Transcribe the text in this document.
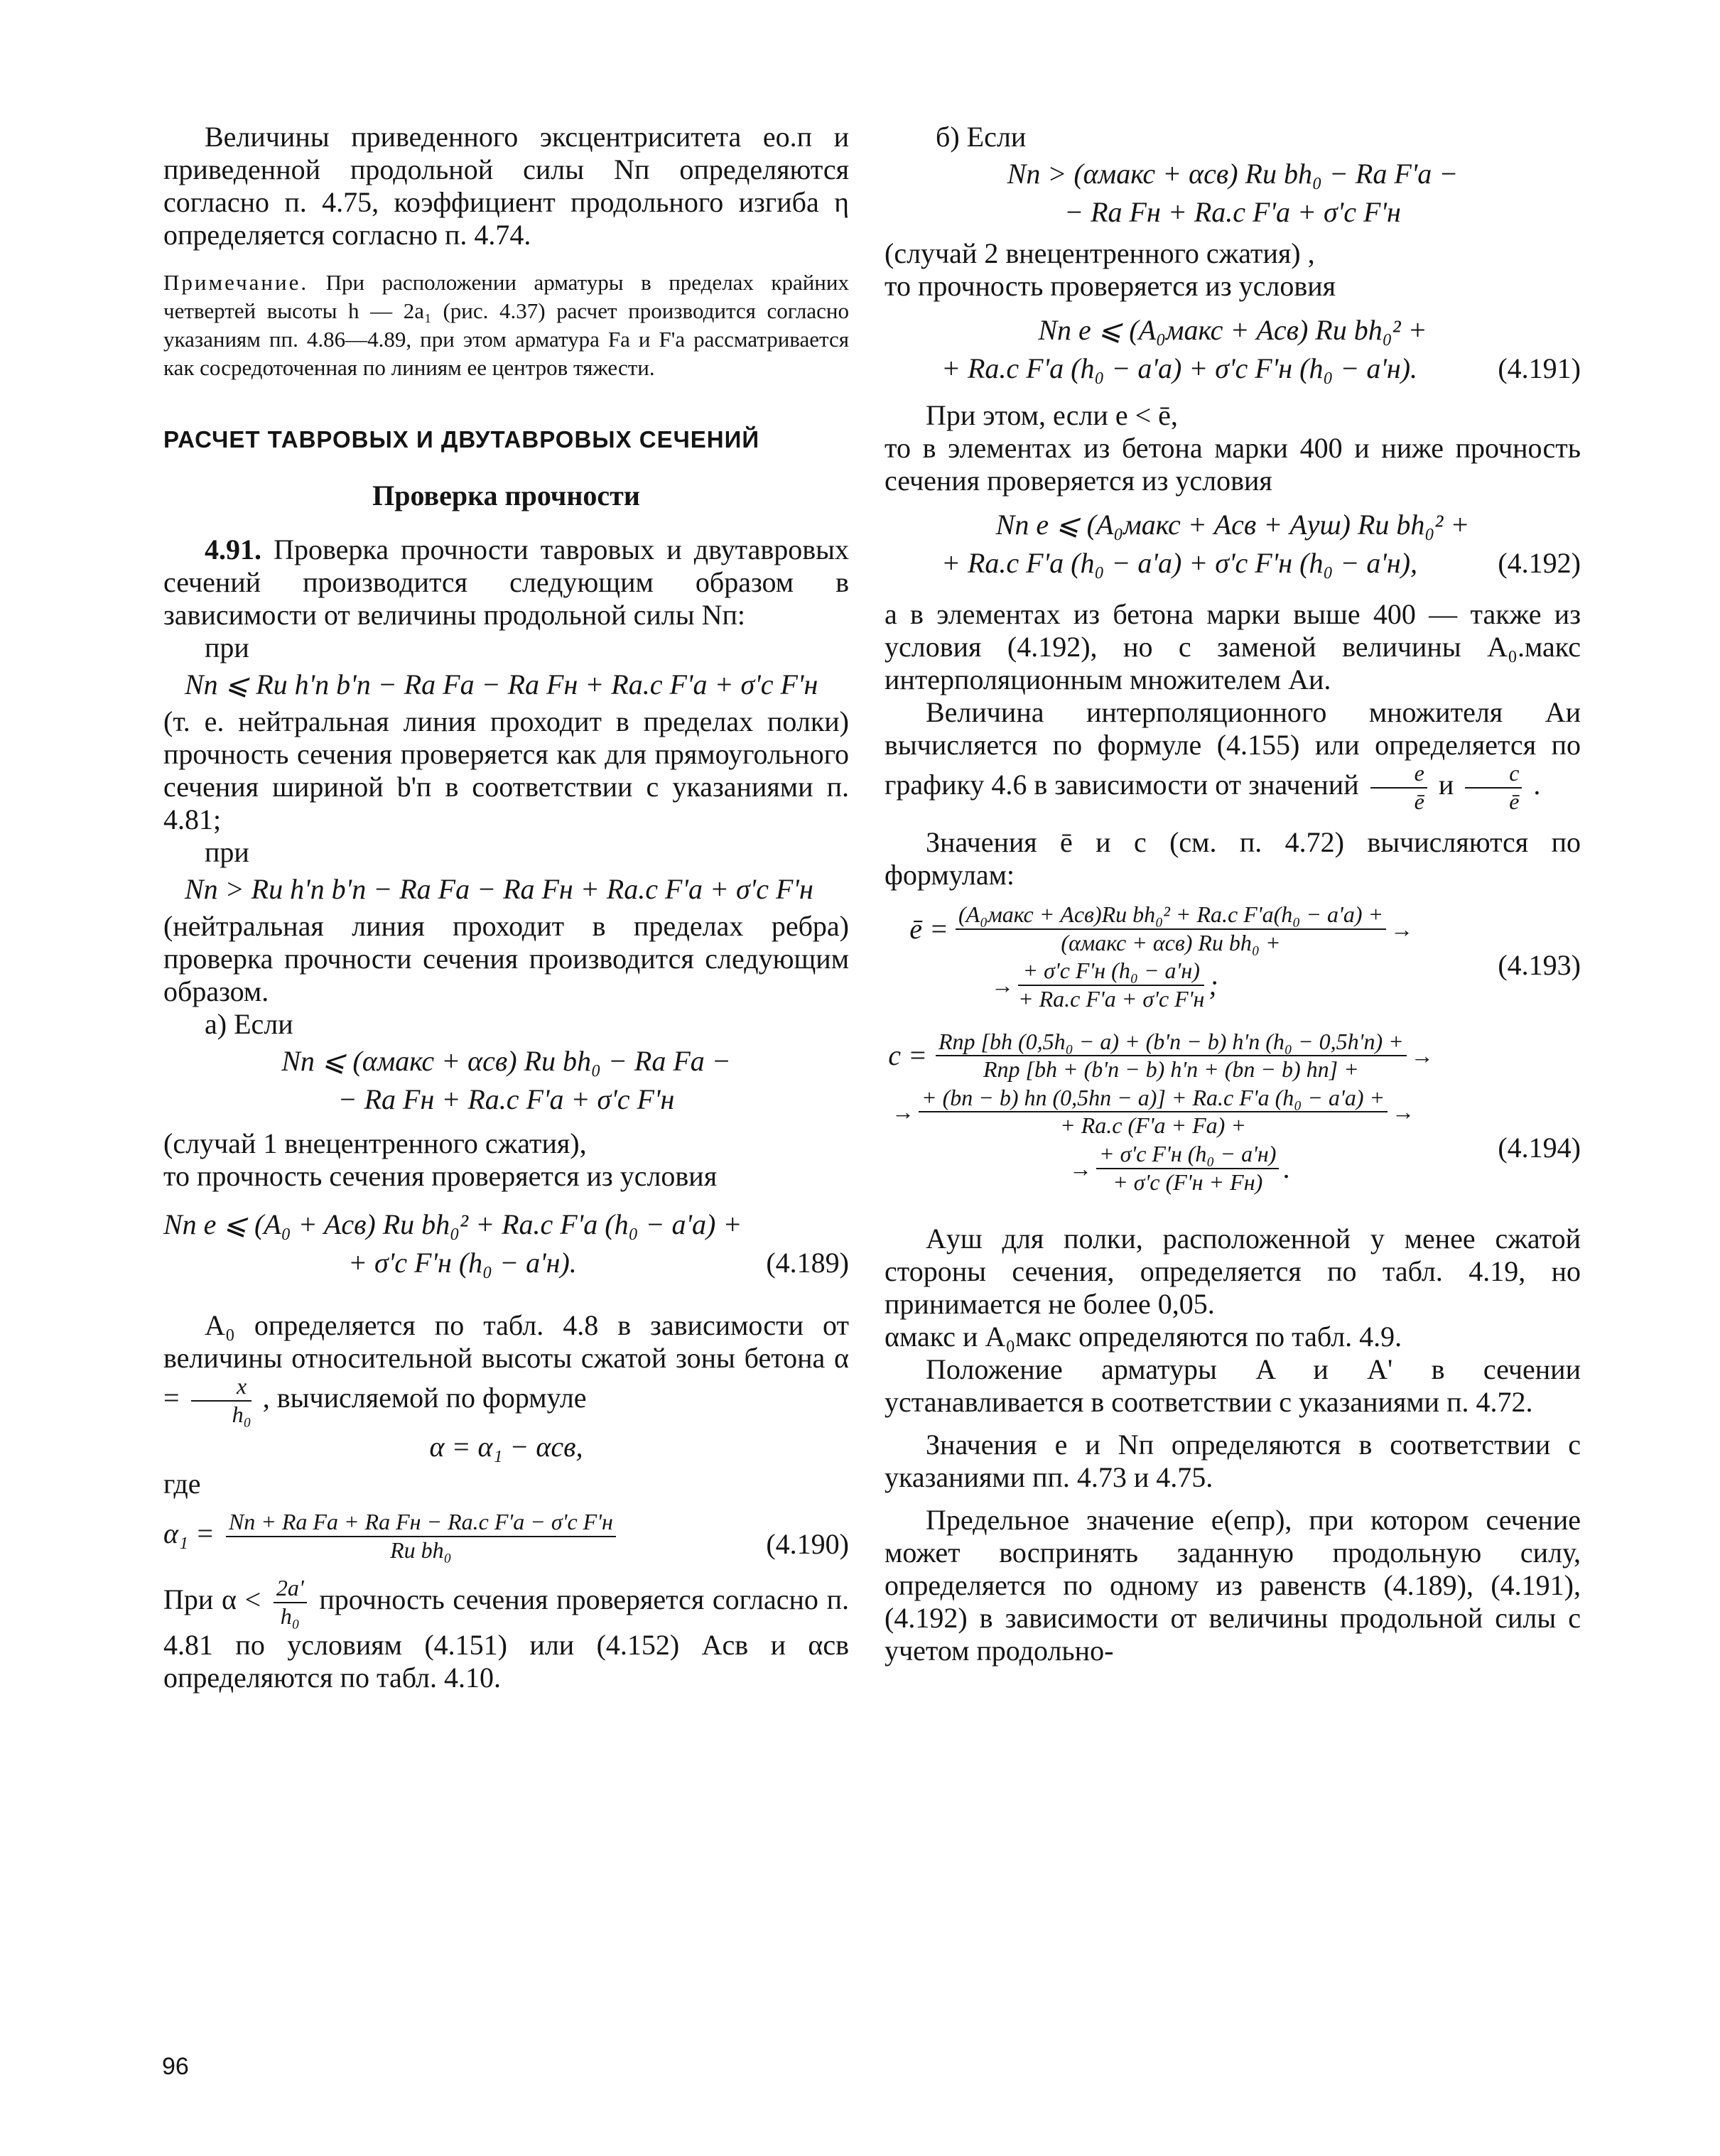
Величины приведенного эксцентриситета eо.п и приведенной продольной силы Nп определяются согласно п. 4.75, коэффициент продольного изгиба η определяется согласно п. 4.74.

Примечание. При расположении арматуры в пределах крайних четвертей высоты h — 2a₁ (рис. 4.37) расчет производится согласно указаниям пп. 4.86—4.89, при этом арматура Fa и F'a рассматривается как сосредоточенная по линиям ее центров тяжести.

РАСЧЕТ ТАВРОВЫХ И ДВУТАВРОВЫХ СЕЧЕНИЙ
Проверка прочности

4.91. Проверка прочности тавровых и двутавровых сечений производится следующим образом в зависимости от величины продольной силы Nп:

при

Nп ⩽ Rи h'п b'п − Rа Fа − Rа Fн + Rа.с F'а + σ'с F'н

(т. е. нейтральная линия проходит в пределах полки) прочность сечения проверяется как для прямоугольного сечения шириной b'п в соответствии с указаниями п. 4.81;

при

Nп > Rи h'п b'п − Rа Fа − Rа Fн + Rа.с F'а + σ'с F'н

(нейтральная линия проходит в пределах ребра) проверка прочности сечения производится следующим образом.

а) Если

Nп ⩽ (αмакс + αсв) Rи bh₀ − Rа Fа −
− Rа Fн + Rа.с F'а + σ'с F'н

(случай 1 внецентренного сжатия),

то прочность сечения проверяется из условия

Nп e ⩽ (A₀ + Aсв) Rи bh₀² + Rа.с F'а (h₀ − a'а) +
+ σ'с F'н (h₀ − a'н).	(4.189)

A₀ определяется по табл. 4.8 в зависимости от величины относительной высоты сжатой зоны бетона $\alpha = \frac{x}{\text{h₀}}$ , вычисляемой по формуле

α = α₁ − αсв,

где

$\alpha_1 = \frac{\text{Nп + Rа Fа + Rа Fн − Rа.с F'а − σ'с F'н}}{\text{Rи bh₀}}$	(4.190)

При $\alpha < \frac{2a'}{\text{h₀}}$ прочность сечения проверяется согласно п. 4.81 по условиям (4.151) или (4.152) Aсв и αсв определяются по табл. 4.10.

б) Если

Nп > (αмакс + αсв) Rи bh₀ − Rа F'а −
− Rа Fн + Rа.с F'а + σ'с F'н

(случай 2 внецентренного сжатия) ,

то прочность проверяется из условия

Nп e ⩽ (A₀макс + Aсв) Rи bh₀² +
+ Rа.с F'а (h₀ − a'а) + σ'с F'н (h₀ − a'н).	(4.191)

При этом, если e < ē,

то в элементах из бетона марки 400 и ниже прочность сечения проверяется из условия

Nп e ⩽ (A₀макс + Aсв + Aуш) Rи bh₀² +
+ Rа.с F'а (h₀ − a'а) + σ'с F'н (h₀ − a'н),	(4.192)

а в элементах из бетона марки выше 400 — также из условия (4.192), но с заменой величины A₀.макс интерполяционным множителем Aи.

Величина интерполяционного множителя Aи вычисляется по формуле (4.155) или определяется по графику 4.6 в зависимости от значений $\frac{e}{ē}$ и $\frac{c}{ē}$ .

Значения ē и c (см. п. 4.72) вычисляются по формулам:

ē = $\frac{\text{(A₀макс + Aсв)Rи bh₀² + Rа.с F'а(h₀ − a'а) +}}{\text{(αмакс + αсв) Rи bh₀ +}}$ →
→ $\frac{\text{+ σ'с F'н (h₀ − a'н)}}{\text{+ Rа.с F'а + σ'с F'н}}$ ;
(4.193)
$c = \frac{\text{Rпр [bh (0,5h₀ − a) + (b'п − b) h'п (h₀ − 0,5h'п) +}}{\text{Rпр [bh + (b'п − b) h'п + (bп − b) hп] +}}$ →
→ $\frac{\text{+ (bп − b) hп (0,5hп − a)] + Rа.с F'а (h₀ − a'а) +}}{+ Rа.с (F'а + Fа) +}$ →
→ $\frac{\text{+ σ'с F'н (h₀ − a'н)}}{+ \sigma'с (F'н + Fн)}$ .
(4.194)

Aуш для полки, расположенной у менее сжатой стороны сечения, определяется по табл. 4.19, но принимается не более 0,05.

αмакс и A₀макс определяются по табл. 4.9.

Положение арматуры A и A' в сечении устанавливается в соответствии с указаниями п. 4.72.

Значения e и Nп определяются в соответствии с указаниями пп. 4.73 и 4.75.

Предельное значение e(eпр), при котором сечение может воспринять заданную продольную силу, определяется по одному из равенств (4.189), (4.191), (4.192) в зависимости от величины продольной силы с учетом продольно-

96
